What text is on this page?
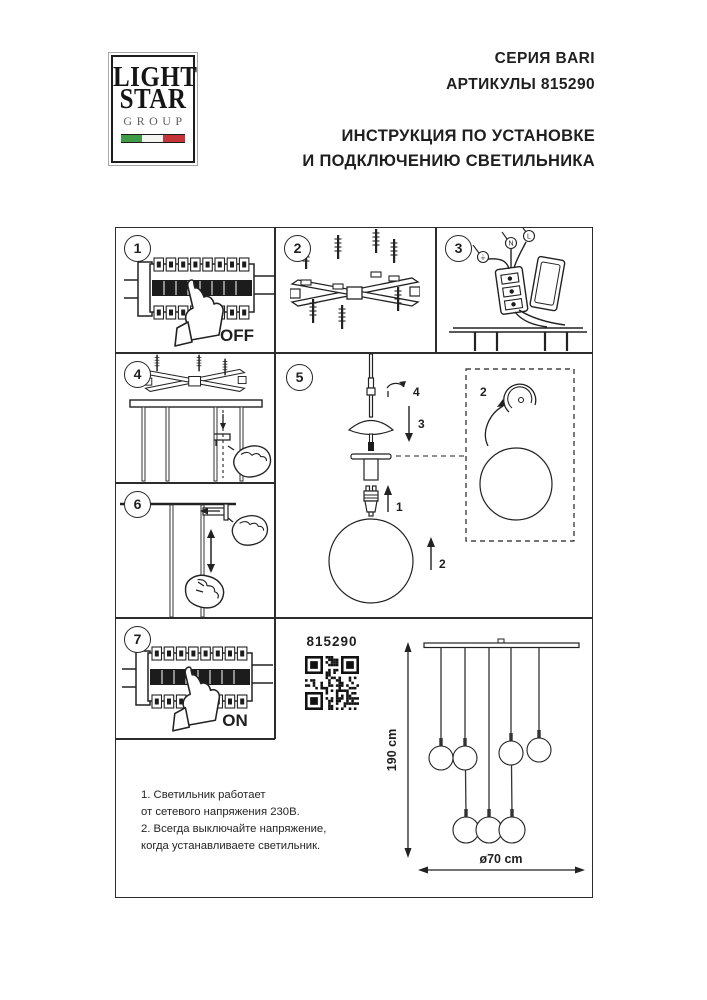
LIGHT
STAR
GROUP
СЕРИЯ BARI
АРТИКУЛЫ 815290
ИНСТРУКЦИЯ ПО УСТАНОВКЕ
И ПОДКЛЮЧЕНИЮ СВЕТИЛЬНИКА
1
OFF
2	3
⏚
N
L
4	5
4
3
1
2
2
6
7
ON
815290
190 cm
ø70 cm
1. Светильник работает
от сетевого напряжения 230В.
2. Всегда выключайте напряжение,
когда устанавливаете светильник.
